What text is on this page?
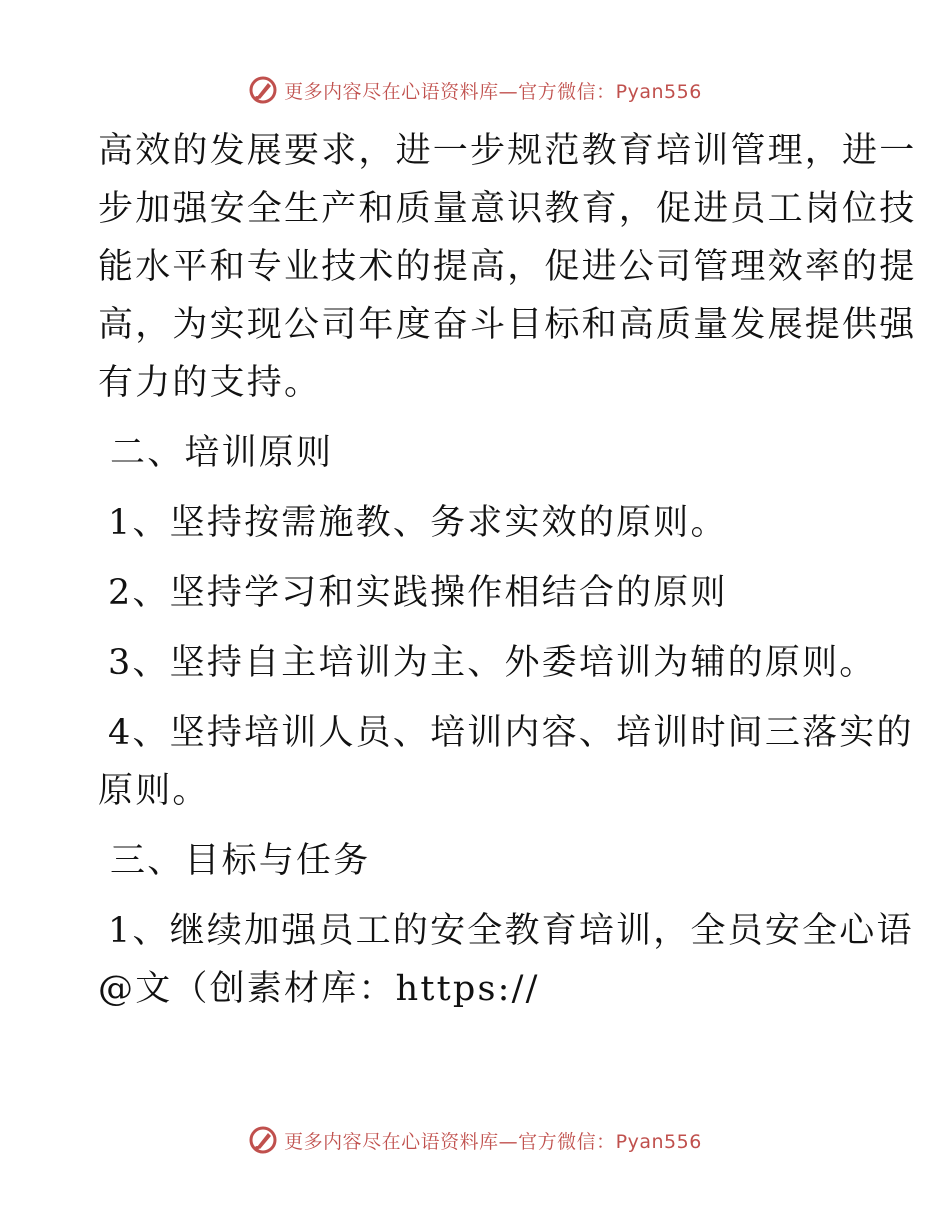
更多内容尽在心语资料库—官方微信：Pyan556
高效的发展要求，进一步规范教育培训管理，进一
步加强安全生产和质量意识教育，促进员工岗位技
能水平和专业技术的提高，促进公司管理效率的提
高，为实现公司年度奋斗目标和高质量发展提供强
有力的支持。
二、培训原则
1、坚持按需施教、务求实效的原则。
2、坚持学习和实践操作相结合的原则
3、坚持自主培训为主、外委培训为辅的原则。
4、坚持培训人员、培训内容、培训时间三落实的
原则。
三、目标与任务
1、继续加强员工的安全教育培训，全员安全心语
@文（创素材库：https://
更多内容尽在心语资料库—官方微信：Pyan556
